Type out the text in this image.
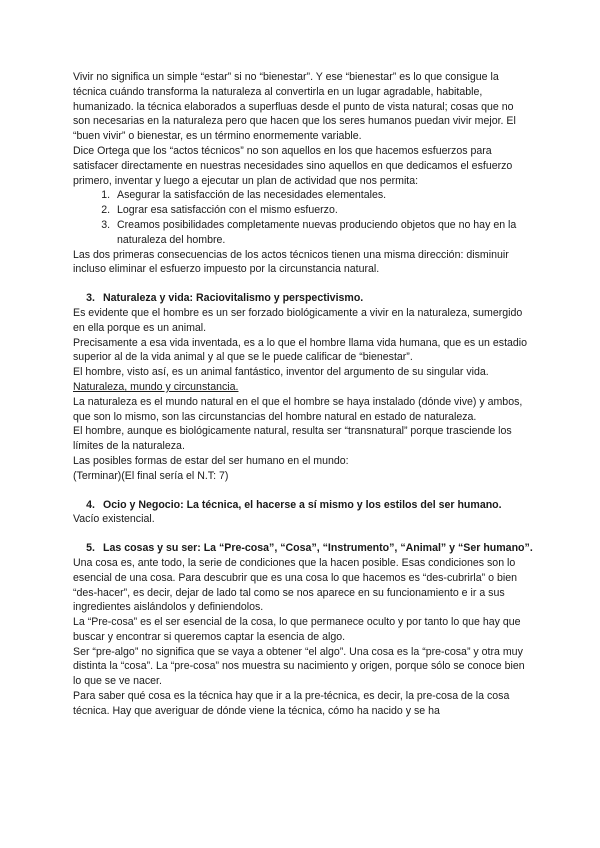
Vivir no significa un simple “estar” si no “bienestar”. Y ese “bienestar” es lo que consigue la técnica cuándo transforma la naturaleza al convertirla en un lugar agradable, habitable, humanizado. la técnica elaborados a superfluas desde el punto de vista natural; cosas que no son necesarias en la naturaleza pero que hacen que los seres humanos puedan vivir mejor. El “buen vivir” o bienestar, es un término enormemente variable.

Dice Ortega que los “actos técnicos” no son aquellos en los que hacemos esfuerzos para satisfacer directamente en nuestras necesidades sino aquellos en que dedicamos el esfuerzo primero, inventar y luego a ejecutar un plan de actividad que nos permita:

1. Asegurar la satisfacción de las necesidades elementales.
2. Lograr esa satisfacción con el mismo esfuerzo.
3. Creamos posibilidades completamente nuevas produciendo objetos que no hay en la naturaleza del hombre.

Las dos primeras consecuencias de los actos técnicos tienen una misma dirección: disminuir incluso eliminar el esfuerzo impuesto por la circunstancia natural.

3. Naturaleza y vida: Raciovitalismo y perspectivismo.

Es evidente que el hombre es un ser forzado biológicamente a vivir en la naturaleza, sumergido en ella porque es un animal.

Precisamente a esa vida inventada, es a lo que el hombre llama vida humana, que es un estadio superior al de la vida animal y al que se le puede calificar de “bienestar”.

El hombre, visto así, es un animal fantástico, inventor del argumento de su singular vida.

Naturaleza, mundo y circunstancia.

La naturaleza es el mundo natural en el que el hombre se haya instalado (dónde vive) y ambos, que son lo mismo, son las circunstancias del hombre natural en estado de naturaleza.

El hombre, aunque es biológicamente natural, resulta ser “transnatural” porque trasciende los límites de la naturaleza.

Las posibles formas de estar del ser humano en el mundo:

(Terminar)(El final sería el N.T: 7)

4. Ocio y Negocio: La técnica, el hacerse a sí mismo y los estilos del ser humano.

Vacío existencial.

5. Las cosas y su ser: La “Pre-cosa”, “Cosa”, “Instrumento”, “Animal” y “Ser humano”.

Una cosa es, ante todo, la serie de condiciones que la hacen posible. Esas condiciones son lo esencial de una cosa. Para descubrir que es una cosa lo que hacemos es “des-cubrirla” o bien “des-hacer”, es decir, dejar de lado tal como se nos aparece en su funcionamiento e ir a sus ingredientes aislándolos y definiendolos.

La “Pre-cosa” es el ser esencial de la cosa, lo que permanece oculto y por tanto lo que hay que buscar y encontrar si queremos captar la esencia de algo.

Ser “pre-algo” no significa que se vaya a obtener “el algo”. Una cosa es la “pre-cosa” y otra muy distinta la “cosa”. La “pre-cosa” nos muestra su nacimiento y origen, porque sólo se conoce bien lo que se ve nacer.

Para saber qué cosa es la técnica hay que ir a la pre-técnica, es decir, la pre-cosa de la cosa técnica. Hay que averiguar de dónde viene la técnica, cómo ha nacido y se ha
